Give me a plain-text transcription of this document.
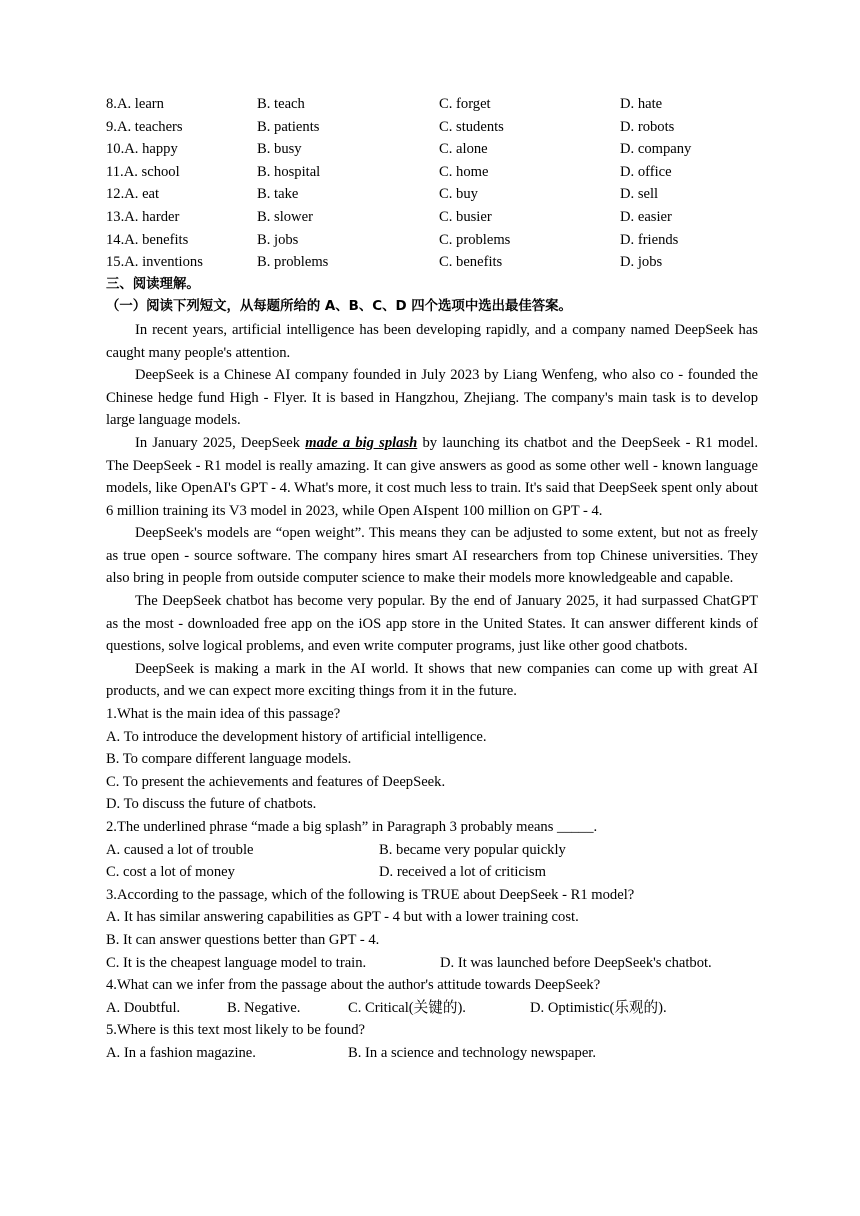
8.A. learn	B. teach	C. forget	D. hate
9.A. teachers	B. patients	C. students	D. robots
10.A. happy	B. busy	C. alone	D. company
11.A. school	B. hospital	C. home	D. office
12.A. eat	B. take	C. buy	D. sell
13.A. harder	B. slower	C. busier	D. easier
14.A. benefits	B. jobs	C. problems	D. friends
15.A. inventions	B. problems	C. benefits	D. jobs
三、阅读理解。
（一）阅读下列短文，从每题所给的 A、B、C、D 四个选项中选出最佳答案。

In recent years, artificial intelligence has been developing rapidly, and a company named DeepSeek has caught many people's attention.

DeepSeek is a Chinese AI company founded in July 2023 by Liang Wenfeng, who also co - founded the Chinese hedge fund High - Flyer. It is based in Hangzhou, Zhejiang. The company's main task is to develop large language models.

In January 2025, DeepSeek made a big splash by launching its chatbot and the DeepSeek - R1 model. The DeepSeek - R1 model is really amazing. It can give answers as good as some other well - known language models, like OpenAI's GPT - 4. What's more, it cost much less to train. It's said that DeepSeek spent only about 6 million training its V3 model in 2023, while Open AIspent 100 million on GPT - 4.

DeepSeek's models are “open weight”. This means they can be adjusted to some extent, but not as freely as true open - source software. The company hires smart AI researchers from top Chinese universities. They also bring in people from outside computer science to make their models more knowledgeable and capable.

The DeepSeek chatbot has become very popular. By the end of January 2025, it had surpassed ChatGPT as the most - downloaded free app on the iOS app store in the United States. It can answer different kinds of questions, solve logical problems, and even write computer programs, just like other good chatbots.

DeepSeek is making a mark in the AI world. It shows that new companies can come up with great AI products, and we can expect more exciting things from it in the future.

1.What is the main idea of this passage?
A. To introduce the development history of artificial intelligence.
B. To compare different language models.
C. To present the achievements and features of DeepSeek.
D. To discuss the future of chatbots.
2.The underlined phrase “made a big splash” in Paragraph 3 probably means _____.
A. caused a lot of trouble	B. became very popular quickly
C. cost a lot of money	D. received a lot of criticism
3.According to the passage, which of the following is TRUE about DeepSeek - R1 model?
A. It has similar answering capabilities as GPT - 4 but with a lower training cost.
B. It can answer questions better than GPT - 4.
C. It is the cheapest language model to train.	D. It was launched before DeepSeek's chatbot.
4.What can we infer from the passage about the author's attitude towards DeepSeek?
A. Doubtful.	B. Negative.	C. Critical(关键的).	D. Optimistic(乐观的).
5.Where is this text most likely to be found?
A. In a fashion magazine.	B. In a science and technology newspaper.
